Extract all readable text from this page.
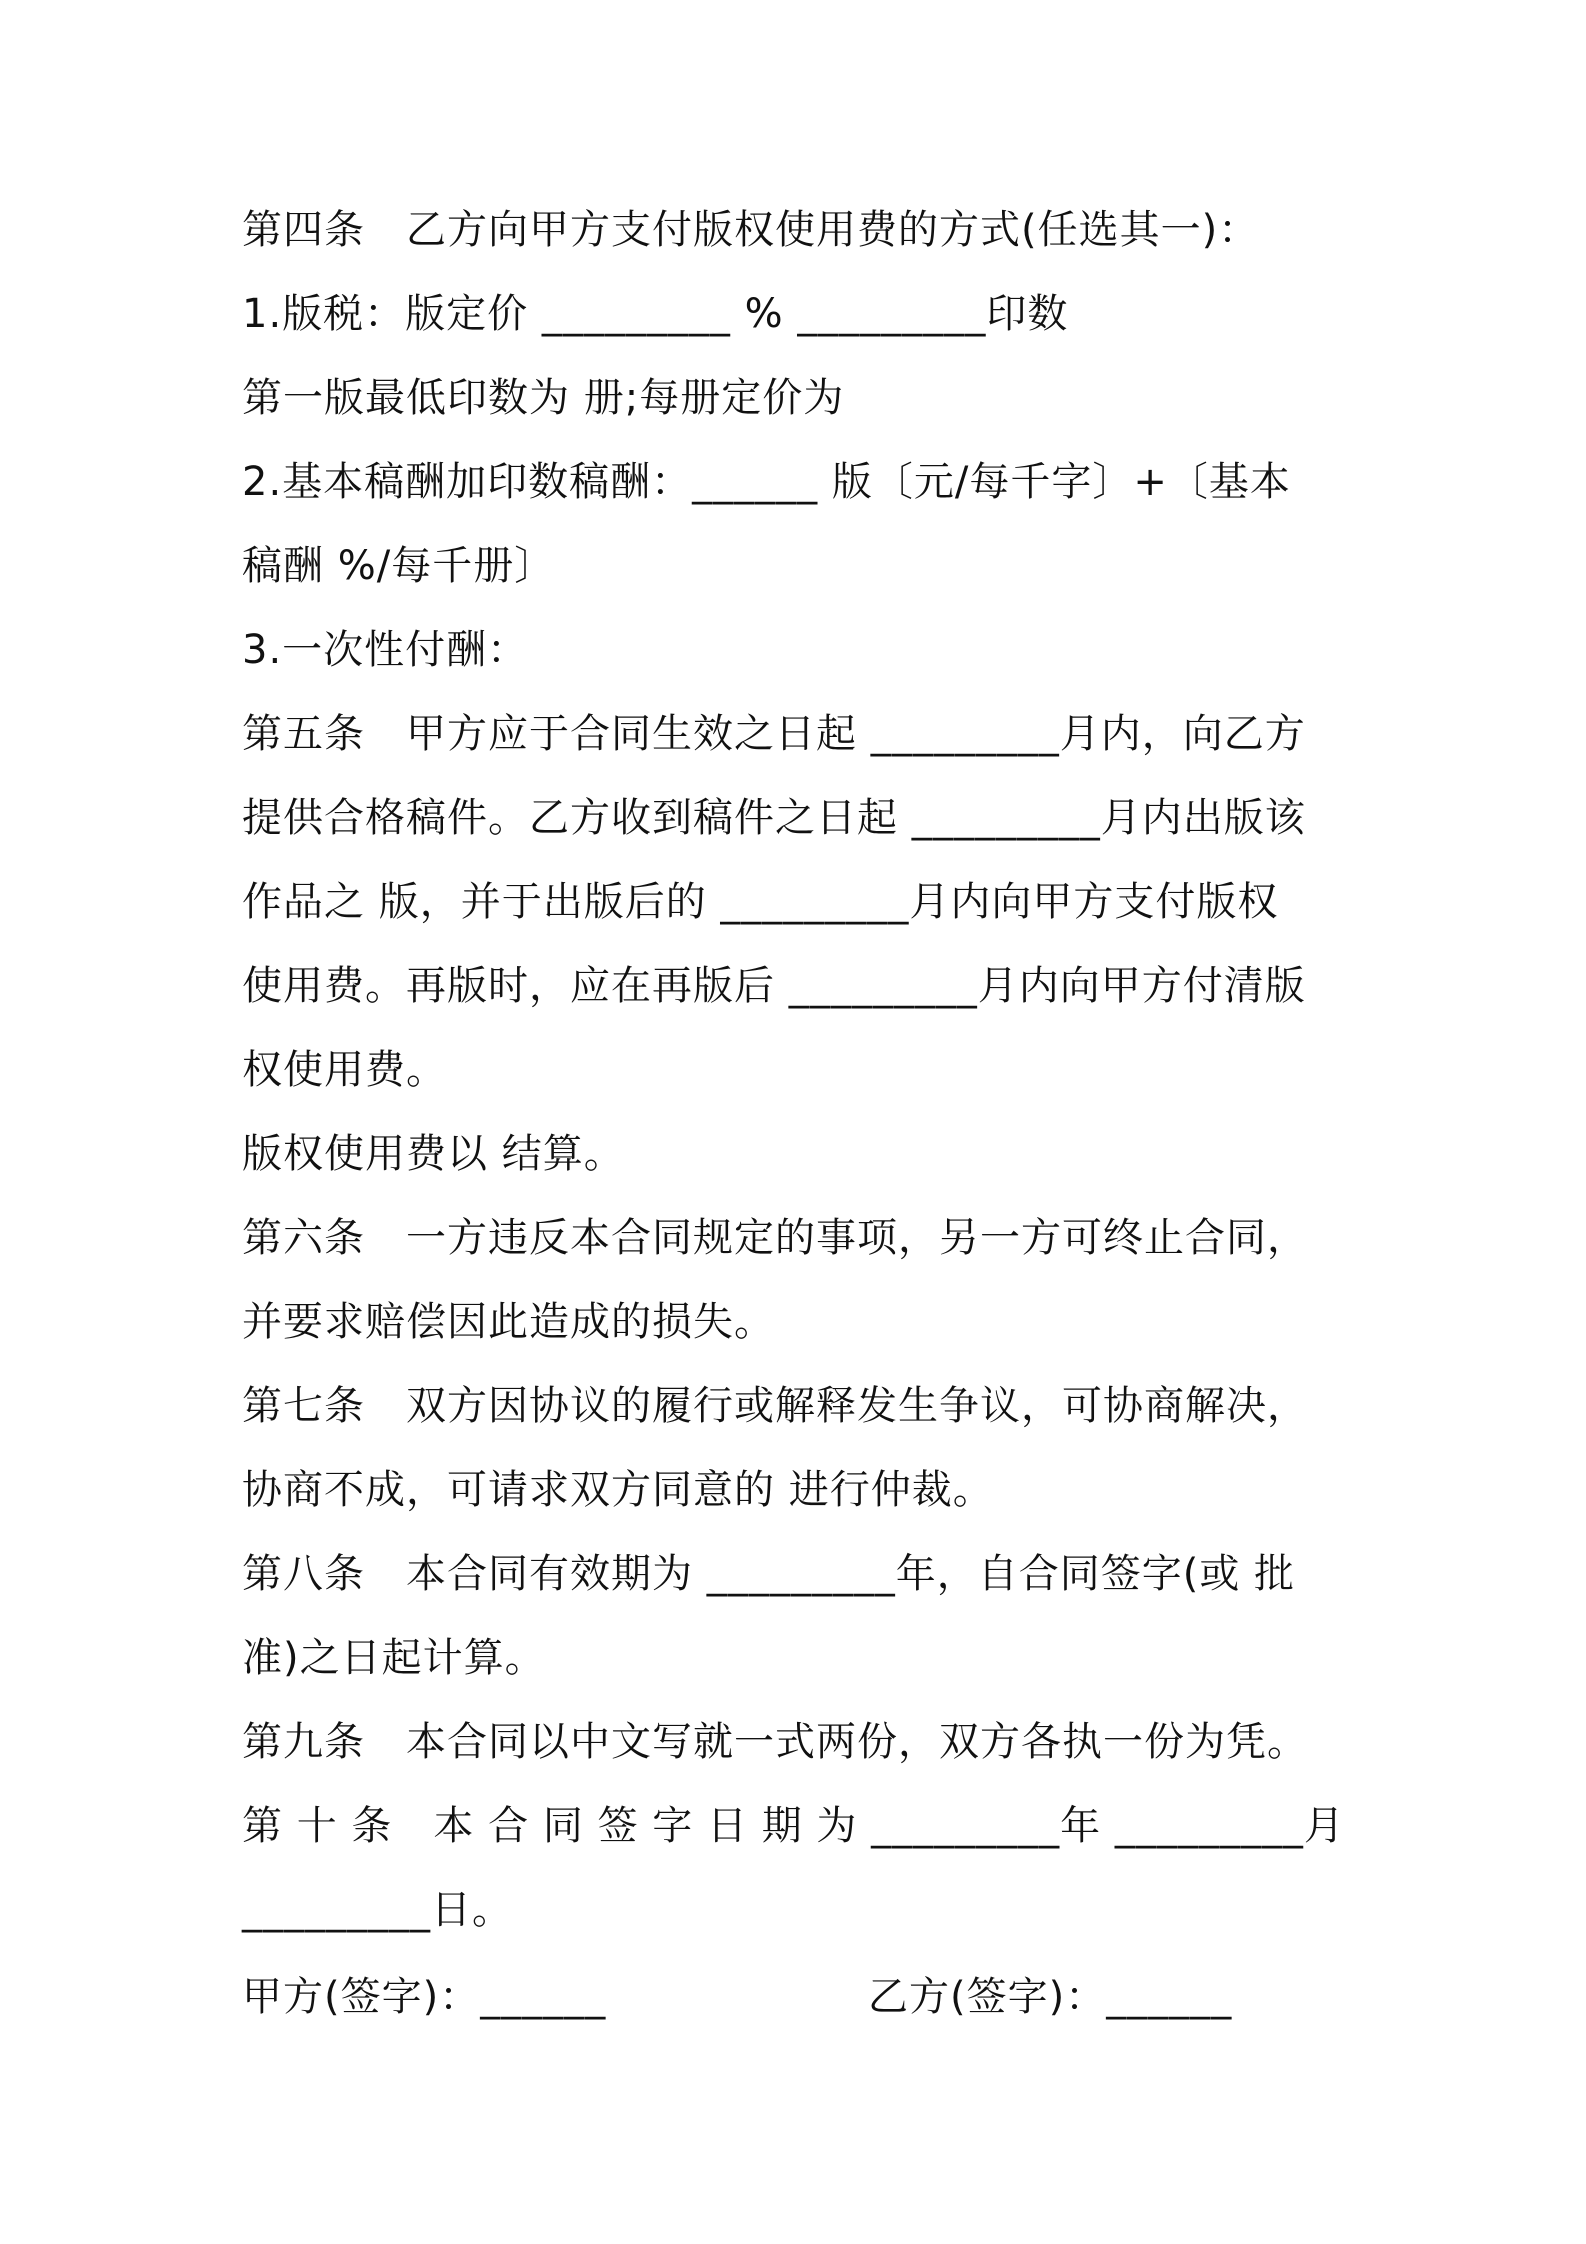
第四条　乙方向甲方支付版权使用费的方式(任选其一)：
1.版税：版定价 _________ % _________印数
第一版最低印数为 册;每册定价为
2.基本稿酬加印数稿酬：______ 版〔元/每千字〕+〔基本
稿酬 %/每千册〕
3.一次性付酬：
第五条　甲方应于合同生效之日起 _________月内，向乙方
提供合格稿件。乙方收到稿件之日起 _________月内出版该
作品之 版，并于出版后的 _________月内向甲方支付版权
使用费。再版时，应在再版后 _________月内向甲方付清版
权使用费。
版权使用费以 结算。
第六条　一方违反本合同规定的事项，另一方可终止合同，
并要求赔偿因此造成的损失。
第七条　双方因协议的履行或解释发生争议，可协商解决，
协商不成，可请求双方同意的 进行仲裁。
第八条　本合同有效期为 _________年，自合同签字(或 批
准)之日起计算。
第九条　本合同以中文写就一式两份，双方各执一份为凭。
第 十 条　本 合 同 签 字 日 期 为 _________年 _________月
_________日。
甲方(签字)：______	乙方(签字)：______
